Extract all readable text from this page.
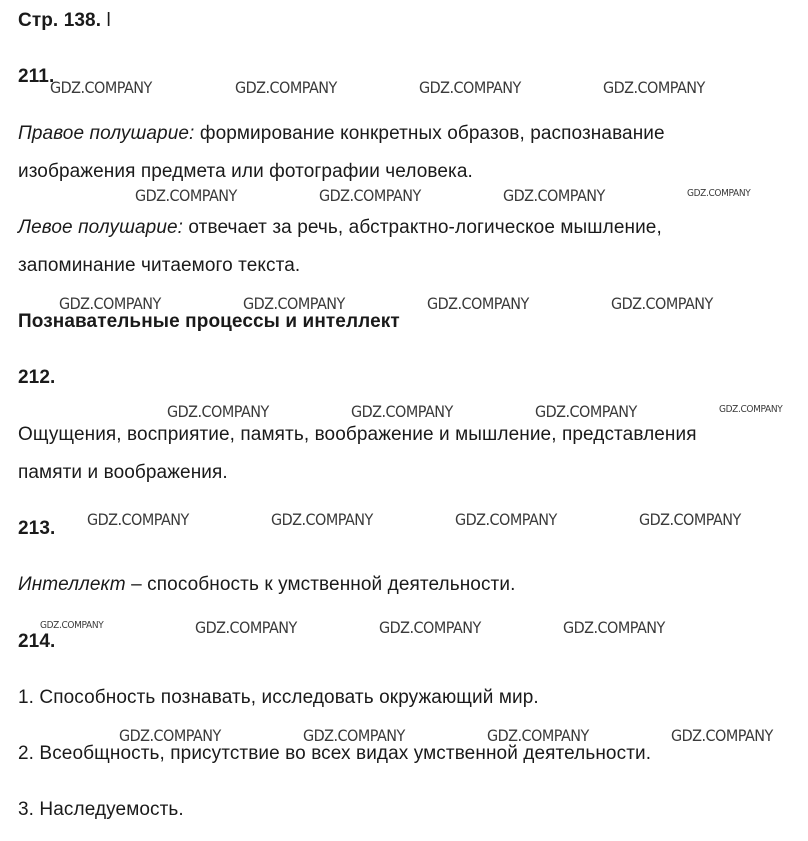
Стр. 138. l
211.
Правое полушарие: формирование конкретных образов, распознавание
изображения предмета или фотографии человека.
Левое полушарие: отвечает за речь, абстрактно-логическое мышление,
запоминание читаемого текста.
Познавательные процессы и интеллект
212.
Ощущения, восприятие, память, воображение и мышление, представления
памяти и воображения.
213.
Интеллект – способность к умственной деятельности.
214.
1. Способность познавать, исследовать окружающий мир.
2. Всеобщность, присутствие во всех видах умственной деятельности.
3. Наследуемость.
GDZ.COMPANY	GDZ.COMPANY	GDZ.COMPANY	GDZ.COMPANY
GDZ.COMPANY	GDZ.COMPANY	GDZ.COMPANY	GDZ.COMPANY
GDZ.COMPANY	GDZ.COMPANY	GDZ.COMPANY	GDZ.COMPANY
GDZ.COMPANY	GDZ.COMPANY	GDZ.COMPANY	GDZ.COMPANY
GDZ.COMPANY	GDZ.COMPANY	GDZ.COMPANY	GDZ.COMPANY
GDZ.COMPANY	GDZ.COMPANY	GDZ.COMPANY	GDZ.COMPANY
GDZ.COMPANY	GDZ.COMPANY	GDZ.COMPANY	GDZ.COMPANY
